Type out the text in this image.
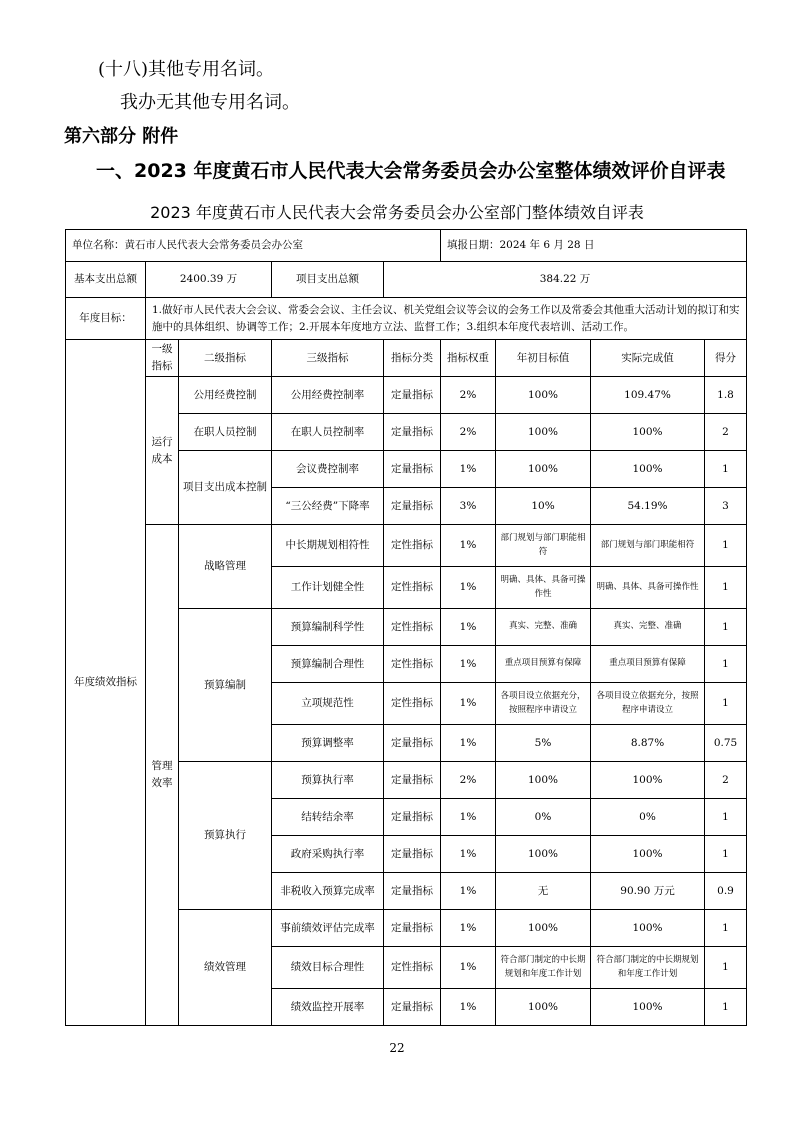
(十八)其他专用名词。
我办无其他专用名词。
第六部分 附件
一、2023 年度黄石市人民代表大会常务委员会办公室整体绩效评价自评表
2023 年度黄石市人民代表大会常务委员会办公室部门整体绩效自评表
单位名称：黄石市人民代表大会常务委员会办公室					填报日期：2024 年 6 月 28 日			
基本支出总额	2400.39 万		项目支出总额	384.22 万				
年度目标：	1.做好市人民代表大会会议、常委会会议、主任会议、机关党组会议等会议的会务工作以及常委会其他重大活动计划的拟订和实施中的具体组织、协调等工作；2.开展本年度地方立法、监督工作；3.组织本年度代表培训、活动工作。							
年度绩效指标	一级指标	二级指标	三级指标	指标分类	指标权重	年初目标值	实际完成值	得分
	运行成本	公用经费控制	公用经费控制率	定量指标	2%	100%	109.47%	1.8
		在职人员控制	在职人员控制率	定量指标	2%	100%	100%	2
		项目支出成本控制	会议费控制率	定量指标	1%	100%	100%	1
			“三公经费”下降率	定量指标	3%	10%	54.19%	3
	管理效率	战略管理	中长期规划相符性	定性指标	1%	部门规划与部门职能相符	部门规划与部门职能相符	1
			工作计划健全性	定性指标	1%	明确、具体、具备可操作性	明确、具体、具备可操作性	1
		预算编制	预算编制科学性	定性指标	1%	真实、完整、准确	真实、完整、准确	1
			预算编制合理性	定性指标	1%	重点项目预算有保障	重点项目预算有保障	1
			立项规范性	定性指标	1%	各项目设立依据充分，按照程序申请设立	各项目设立依据充分，按照程序申请设立	1
			预算调整率	定量指标	1%	5%	8.87%	0.75
		预算执行	预算执行率	定量指标	2%	100%	100%	2
			结转结余率	定量指标	1%	0%	0%	1
			政府采购执行率	定量指标	1%	100%	100%	1
			非税收入预算完成率	定量指标	1%	无	90.90 万元	0.9
		绩效管理	事前绩效评估完成率	定量指标	1%	100%	100%	1
			绩效目标合理性	定性指标	1%	符合部门制定的中长期规划和年度工作计划	符合部门制定的中长期规划和年度工作计划	1
			绩效监控开展率	定量指标	1%	100%	100%	1
22
